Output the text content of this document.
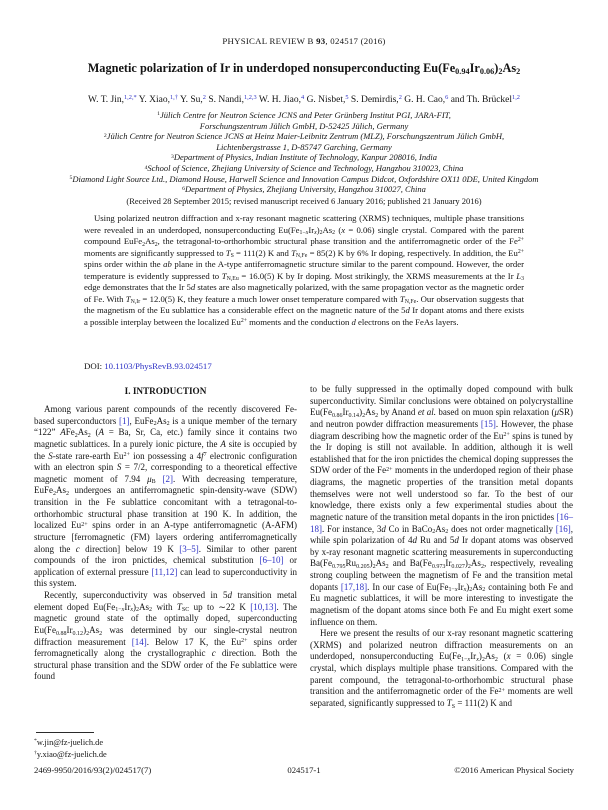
PHYSICAL REVIEW B 93, 024517 (2016)
Magnetic polarization of Ir in underdoped nonsuperconducting Eu(Fe0.94Ir0.06)2As2
W. T. Jin,$^{1,2,*}$ Y. Xiao,$^{1,\dagger}$ Y. Su,$^2$ S. Nandi,$^{1,2,3}$ W. H. Jiao,$^4$ G. Nisbet,$^5$ S. Demirdis,$^2$ G. H. Cao,$^6$ and Th. Brückel$^{1,2}$
$^1$Jülich Centre for Neutron Science JCNS and Peter Grünberg Institut PGI, JARA-FIT,
Forschungszentrum Jülich GmbH, D-52425 Jülich, Germany
$^2$Jülich Centre for Neutron Science JCNS at Heinz Maier-Leibnitz Zentrum (MLZ), Forschungszentrum Jülich GmbH,
Lichtenbergstrasse 1, D-85747 Garching, Germany
$^3$Department of Physics, Indian Institute of Technology, Kanpur 208016, India
$^4$School of Science, Zhejiang University of Science and Technology, Hangzhou 310023, China
$^5$Diamond Light Source Ltd., Diamond House, Harwell Science and Innovation Campus Didcot, Oxfordshire OX11 0DE, United Kingdom
$^6$Department of Physics, Zhejiang University, Hangzhou 310027, China
(Received 28 September 2015; revised manuscript received 6 January 2016; published 21 January 2016)

Using polarized neutron diffraction and x-ray resonant magnetic scattering (XRMS) techniques, multiple phase transitions were revealed in an underdoped, nonsuperconducting Eu(Fe1−xIrx)2As2 (x = 0.06) single crystal. Compared with the parent compound EuFe2As2, the tetragonal-to-orthorhombic structural phase transition and the antiferromagnetic order of the $Fe^{2+}$ moments are significantly suppressed to TS = 111(2) K and TN,Fe = 85(2) K by 6% Ir doping, respectively. In addition, the $Eu^{2+}$ spins order within the ab plane in the A-type antiferromagnetic structure similar to the parent compound. However, the order temperature is evidently suppressed to TN,Eu = 16.0(5) K by Ir doping. Most strikingly, the XRMS measurements at the Ir L3 edge demonstrates that the Ir 5d states are also magnetically polarized, with the same propagation vector as the magnetic order of Fe. With TN,Ir = 12.0(5) K, they feature a much lower onset temperature compared with TN,Fe. Our observation suggests that the magnetism of the Eu sublattice has a considerable effect on the magnetic nature of the 5d Ir dopant atoms and there exists a possible interplay between the localized $Eu^{2+}$ moments and the conduction d electrons on the FeAs layers.

DOI: 10.1103/PhysRevB.93.024517
I. INTRODUCTION

Among various parent compounds of the recently discovered Fe-based superconductors [1], EuFe2As2 is a unique member of the ternary “122” AFe2As2 (A = Ba, Sr, Ca, etc.) family since it contains two magnetic sublattices. In a purely ionic picture, the A site is occupied by the S-state rare-earth $Eu^{2+}$ ion possessing a $4f^7$ electronic configuration with an electron spin S = 7/2, corresponding to a theoretical effective magnetic moment of 7.94 μB [2]. With decreasing temperature, EuFe2As2 undergoes an antiferromagnetic spin-density-wave (SDW) transition in the Fe sublattice concomitant with a tetragonal-to-orthorhombic structural phase transition at 190 K. In addition, the localized $Eu^{2+}$ spins order in an A-type antiferromagnetic (A-AFM) structure [ferromagnetic (FM) layers ordering antiferromagnetically along the c direction] below 19 K [3–5]. Similar to other parent compounds of the iron pnictides, chemical substitution [6–10] or application of external pressure [11,12] can lead to superconductivity in this system.

Recently, superconductivity was observed in 5d transition metal element doped Eu(Fe1−xIrx)2As2 with TSC up to ∼22 K [10,13]. The magnetic ground state of the optimally doped, superconducting Eu(Fe0.88Ir0.12)2As2 was determined by our single-crystal neutron diffraction measurement [14]. Below 17 K, the $Eu^{2+}$ spins order ferromagnetically along the crystallographic c direction. Both the structural phase transition and the SDW order of the Fe sublattice were found

*w.jin@fz-juelich.de
†y.xiao@fz-juelich.de

to be fully suppressed in the optimally doped compound with bulk superconductivity. Similar conclusions were obtained on polycrystalline Eu(Fe0.86Ir0.14)2As2 by Anand et al. based on muon spin relaxation (μSR) and neutron powder diffraction measurements [15]. However, the phase diagram describing how the magnetic order of the $Eu^{2+}$ spins is tuned by the Ir doping is still not available. In addition, although it is well established that for the iron pnictides the chemical doping suppresses the SDW order of the $Fe^{2+}$ moments in the underdoped region of their phase diagrams, the magnetic properties of the transition metal dopants themselves were not well understood so far. To the best of our knowledge, there exists only a few experimental studies about the magnetic nature of the transition metal dopants in the iron pnictides [16–18]. For instance, 3d Co in BaCo2As2 does not order magnetically [16], while spin polarization of 4d Ru and 5d Ir dopant atoms was observed by x-ray resonant magnetic scattering measurements in superconducting Ba(Fe0.795Ru0.205)2As2 and Ba(Fe0.973Ir0.027)2As2, respectively, revealing strong coupling between the magnetism of Fe and the transition metal dopants [17,18]. In our case of Eu(Fe1−xIrx)2As2 containing both Fe and Eu magnetic sublattices, it will be more interesting to investigate the magnetism of the dopant atoms since both Fe and Eu might exert some influence on them.

Here we present the results of our x-ray resonant magnetic scattering (XRMS) and polarized neutron diffraction measurements on an underdoped, nonsuperconducting Eu(Fe1−xIrx)2As2 (x = 0.06) single crystal, which displays multiple phase transitions. Compared with the parent compound, the tetragonal-to-orthorhombic structural phase transition and the antiferromagnetic order of the $Fe^{2+}$ moments are well separated, significantly suppressed to TS = 111(2) K and

2469-9950/2016/93(2)/024517(7)	024517-1	©2016 American Physical Society
